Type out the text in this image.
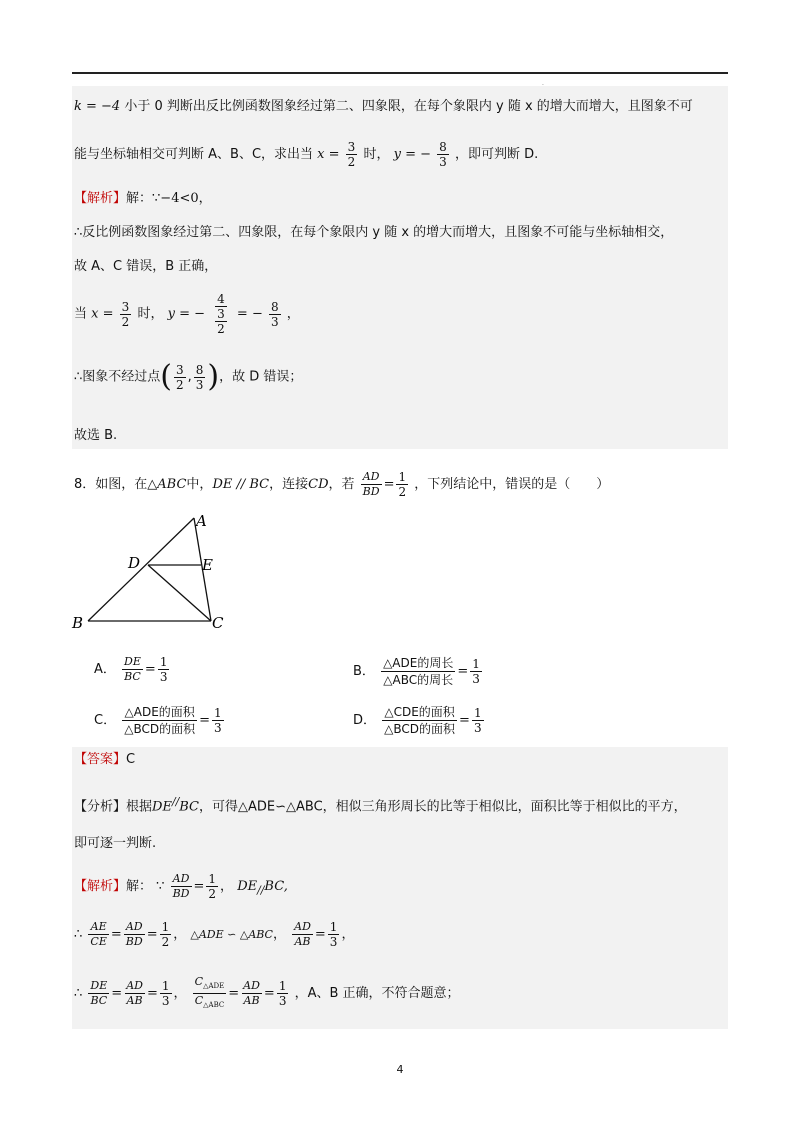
.
k = −4 小于 0 判断出反比例函数图象经过第二、四象限，在每个象限内 y 随 x 的增大而增大，且图象不可
能与坐标轴相交可判断 A、B、C，求出当 $x = \frac{3}{2}$ 时， y = − $\frac{8}{3}$ ，即可判断 D.
【解析】解：∵−4<0，
∴反比例函数图象经过第二、四象限，在每个象限内 y 随 x 的增大而增大，且图象不可能与坐标轴相交，
故 A、C 错误，B 正确，
当 $x = \frac{3}{2}$ 时， y = − $\frac{\frac{4}{3}}{2}$ = − $\frac{8}{3}$ ，
∴图象不经过点( $\frac{3}{2}$ , $\frac{8}{3}$ )，故 D 错误；
故选 B.
8．如图，在△ABC中，DE // BC，连接CD，若 $\frac{AD}{BD} = \frac{1}{2}$ ，下列结论中，错误的是（　　）
A
D	E
B	C
A． $\frac{DE}{BC} = \frac{1}{3}$	B．
△ADE的周长
△ABC的周长
= $\frac{1}{3}$
C．
△ADE的面积
△BCD的面积
= $\frac{1}{3}$	D．
△CDE的面积
△BCD的面积
= $\frac{1}{3}$
【答案】C
【分析】根据DE//BC，可得△ADE∽△ABC，相似三角形周长的比等于相似比，面积比等于相似比的平方，
即可逐一判断.
【解析】解： ∵ $\frac{AD}{BD} = \frac{1}{2}$ ， $DE_{//}BC$,
∴ $\frac{AE}{CE} = \frac{AD}{BD} = \frac{1}{2}$ ， △ADE ∽ △ABC， $\frac{AD}{AB} = \frac{1}{3}$ ，
∴ $\frac{DE}{BC} = \frac{AD}{AB} = \frac{1}{3}$ ， $\frac{C_{\triangle ADE}}{C_{\triangle ABC}} = \frac{AD}{AB} = \frac{1}{3}$ ，A、B 正确，不符合题意；
4
